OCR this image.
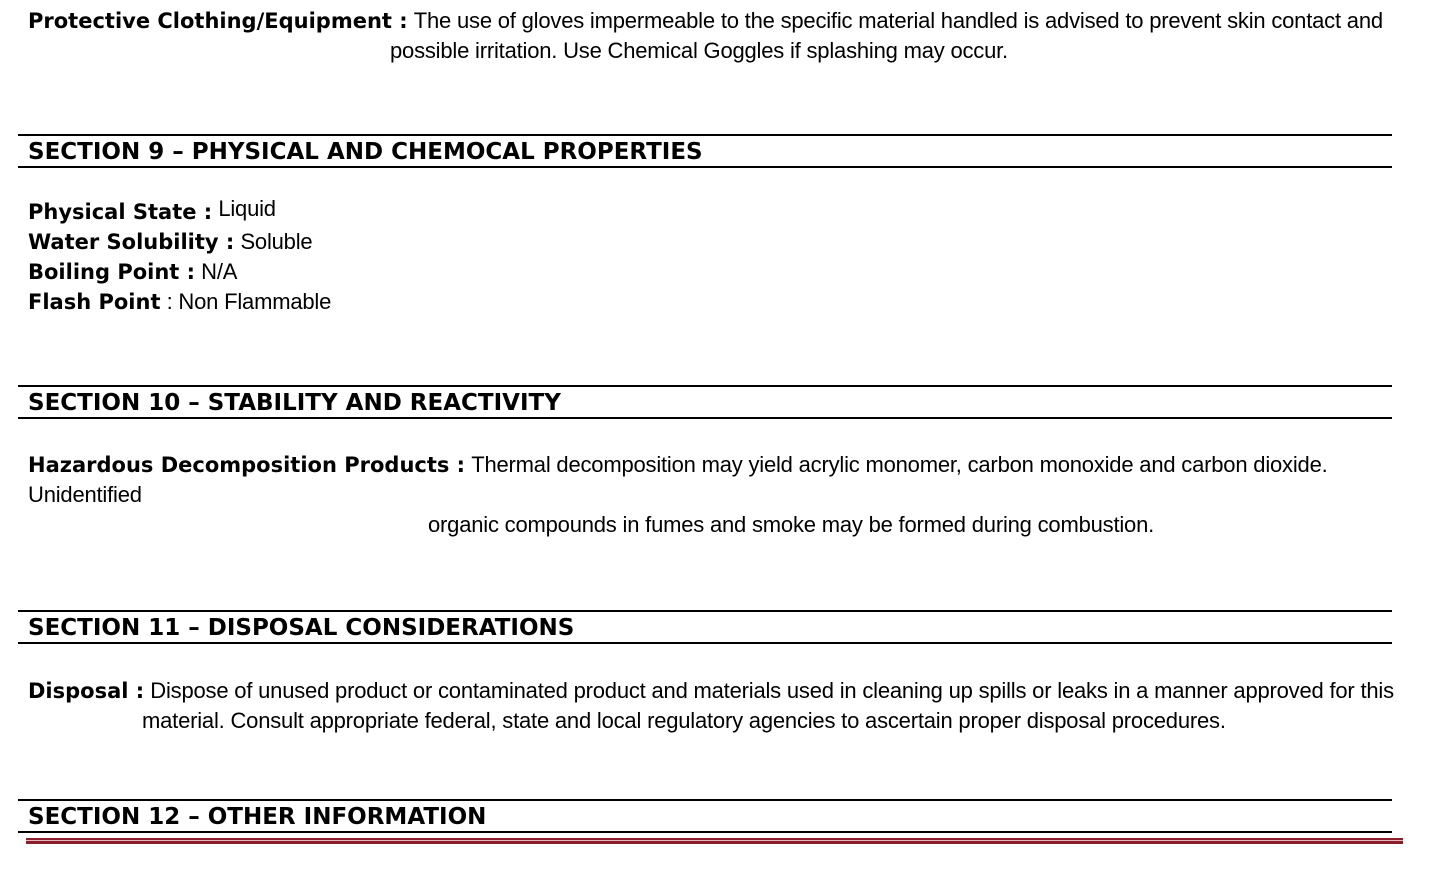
Protective Clothing/Equipment : The use of gloves impermeable to the specific material handled is advised to prevent skin contact and
possible irritation. Use Chemical Goggles if splashing may occur.
SECTION 9 – PHYSICAL AND CHEMOCAL PROPERTIES
Physical State : Liquid
Water Solubility : Soluble
Boiling Point : N/A
Flash Point : Non Flammable
SECTION 10 – STABILITY AND REACTIVITY
Hazardous Decomposition Products : Thermal decomposition may yield acrylic monomer, carbon monoxide and carbon dioxide. Unidentified
organic compounds in fumes and smoke may be formed during combustion.
SECTION 11 – DISPOSAL CONSIDERATIONS
Disposal : Dispose of unused product or contaminated product and materials used in cleaning up spills or leaks in a manner approved for this
material. Consult appropriate federal, state and local regulatory agencies to ascertain proper disposal procedures.
SECTION 12 – OTHER INFORMATION
